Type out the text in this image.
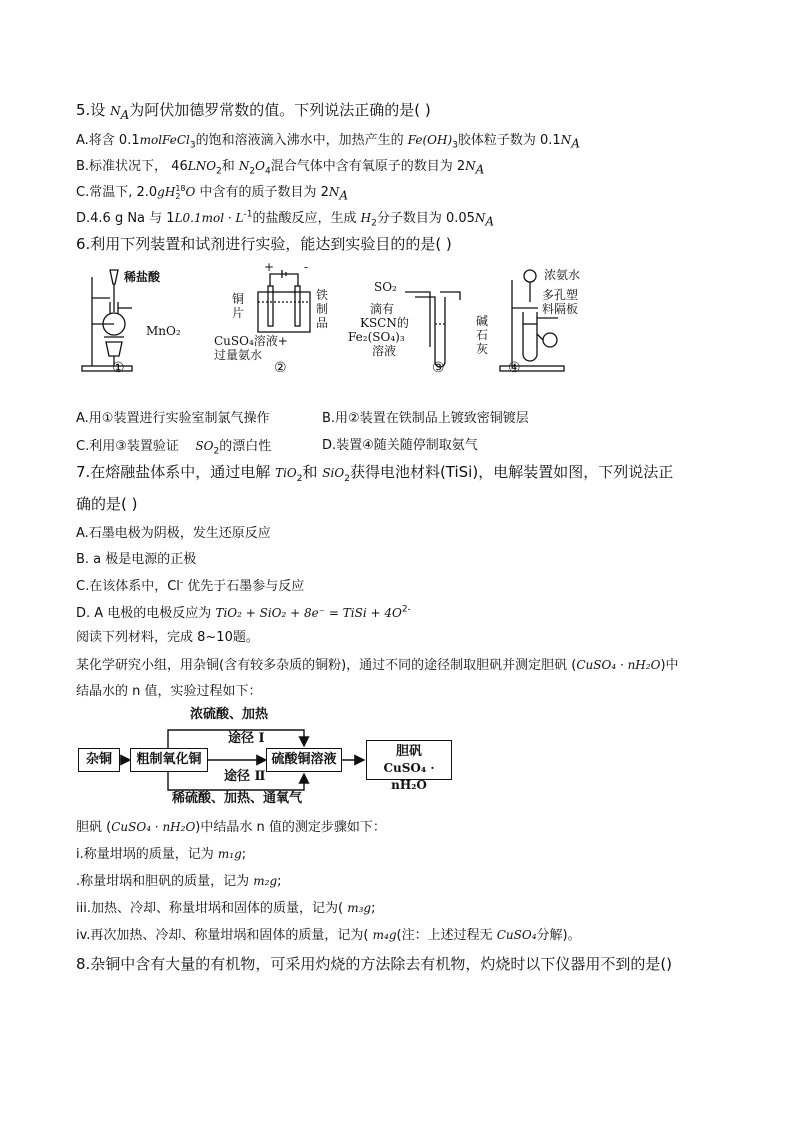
5.设 $N_A$为阿伏加德罗常数的值。下列说法正确的是( )
A.将含 0.1molFeCl$_3$的饱和溶液滴入沸水中，加热产生的 $Fe(OH)_3$胶体粒子数为 $0.1N_A$
B.标准状况下， $46LNO_2$和 $N_2O_4$混合气体中含有氧原子的数目为 $2N_A$
C.常温下, 2.0gH 18
2 O 中含有的质子数目为 $2N_A$
D.4.6 g Na 与 $1L0.1mol \cdot L^{-1}$的盐酸反应，生成 $H_2$分子数目为 $0.05N_A$
6.利用下列装置和试剂进行实验，能达到实验目的的是( )
稀盐酸
MnO₂
①
+ -
铜
片
铁
制
品
CuSO₄溶液+
过量氨水
②
SO₂
滴有
KSCN的
Fe₂(SO₄)₃
溶液
③
浓氨水
多孔塑
料隔板
碱
石
灰
④
A.用①装置进行实验室制氯气操作	B.用②装置在铁制品上镀致密铜镀层
C.利用③装置验证 $SO_2$的漂白性	D.装置④随关随停制取氨气
7.在熔融盐体系中，通过电解 TiO$_2$和 SiO$_2$获得电池材料(TiSi)，电解装置如图，下列说法正
确的是( )
A.石墨电极为阴极，发生还原反应
B. a 极是电源的正极
C.在该体系中，Cl- 优先于石墨参与反应
D. A 电极的电极反应为 TiO₂ + SiO₂ + 8e⁻ = TiSi + $4O^{2-}$
阅读下列材料，完成 8~10题。
某化学研究小组，用杂铜(含有较多杂质的铜粉)，通过不同的途径制取胆矾并测定胆矾 (CuSO₄ · nH₂O)中
结晶水的 n 值，实验过程如下：
浓硫酸、加热
途径 Ⅰ
途径 Ⅱ
稀硫酸、加热、通氧气
杂铜	粗制氧化铜	硫酸铜溶液
胆矾
CuSO₄ · nH₂O
胆矾 (CuSO₄ · nH₂O)中结晶水 n 值的测定步骤如下：
i.称量坩埚的质量，记为 m₁g;
.称量坩埚和胆矾的质量，记为 m₂g;
iii.加热、冷却、称量坩埚和固体的质量，记为( m₃g;
iv.再次加热、冷却、称量坩埚和固体的质量，记为( m₄g(注：上述过程无 CuSO₄分解)。
8.杂铜中含有大量的有机物，可采用灼烧的方法除去有机物，灼烧时以下仪器用不到的是()
